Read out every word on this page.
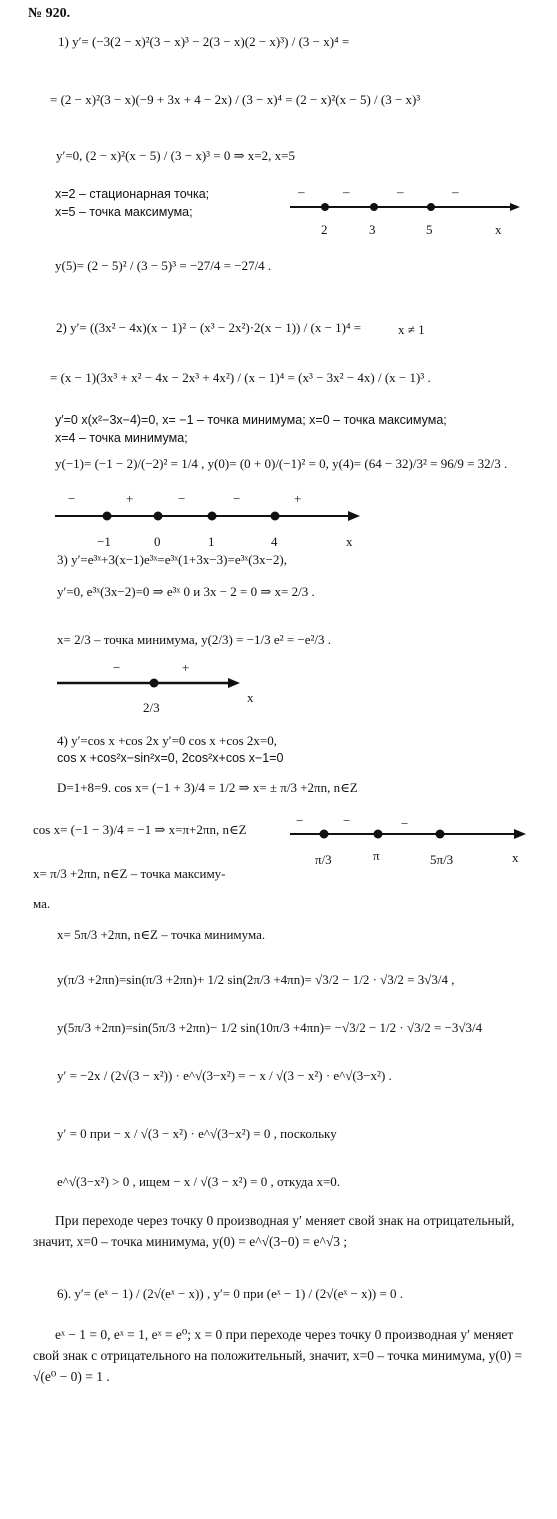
№ 920.
1) y′= (−3(2 − x)²(3 − x)³ − 2(3 − x)(2 − x)³) / (3 − x)⁴ =
= (2 − x)²(3 − x)(−9 + 3x + 4 − 2x) / (3 − x)⁴ = (2 − x)²(x − 5) / (3 − x)³
y′=0, (2 − x)²(x − 5) / (3 − x)³ = 0 ⇒ x=2, x=5
x=2 – стационарная точка;
x=5 – точка максимума;
–	–	–	–
2	3	5	x
y(5)= (2 − 5)² / (3 − 5)³ = −27/4 = −27/4 .
2) y′= ((3x² − 4x)(x − 1)² − (x³ − 2x²)·2(x − 1)) / (x − 1)⁴ =	x ≠ 1
= (x − 1)(3x³ + x² − 4x − 2x³ + 4x²) / (x − 1)⁴ = (x³ − 3x² − 4x) / (x − 1)³ .
y′=0 x(x²−3x−4)=0, x= −1 – точка минимума; x=0 – точка максимума;
x=4 – точка минимума;
y(−1)= (−1 − 2)/(−2)² = 1/4 , y(0)= (0 + 0)/(−1)² = 0, y(4)= (64 − 32)/3² = 96/9 = 32/3 .
−	+	−	−	+
−1	0	1	4	x
3) y′=e³ˣ+3(x−1)e³ˣ=e³ˣ(1+3x−3)=e³ˣ(3x−2),
y′=0, e³ˣ(3x−2)=0 ⇒ e³ˣ 0 и 3x − 2 = 0 ⇒ x= 2/3 .
x= 2/3 – точка минимума, y(2/3) = −1/3 e² = −e²/3 .
−	+
2/3
x
4) y′=cos x +cos 2x y′=0 cos x +cos 2x=0,
cos x +cos²x−sin²x=0, 2cos²x+cos x−1=0
D=1+8=9. cos x= (−1 + 3)/4 = 1/2 ⇒ x= ± π/3 +2πn, n∈Z
cos x= (−1 − 3)/4 = −1 ⇒ x=π+2πn, n∈Z
−	−	−
π/3	π	5π/3	x
x= π/3 +2πn, n∈Z – точка максиму-
ма.
x= 5π/3 +2πn, n∈Z – точка минимума.
y(π/3 +2πn)=sin(π/3 +2πn)+ 1/2 sin(2π/3 +4πn)= √3/2 − 1/2 · √3/2 = 3√3/4 ,
y(5π/3 +2πn)=sin(5π/3 +2πn)− 1/2 sin(10π/3 +4πn)= −√3/2 − 1/2 · √3/2 = −3√3/4
y′ = −2x / (2√(3 − x²)) · e^√(3−x²) = − x / √(3 − x²) · e^√(3−x²) .
y′ = 0 при − x / √(3 − x²) · e^√(3−x²) = 0 , поскольку
e^√(3−x²) > 0 , ищем − x / √(3 − x²) = 0 , откуда x=0.
При переходе через точку 0 производная y′ меняет свой знак на отрицательный, значит, x=0 – точка минимума, y(0) = e^√(3−0) = e^√3 ;
6). y′= (eˣ − 1) / (2√(eˣ − x)) , y′= 0 при (eˣ − 1) / (2√(eˣ − x)) = 0 .
eˣ − 1 = 0, eˣ = 1, eˣ = e⁰; x = 0 при переходе через точку 0 производная y′ меняет свой знак с отрицательного на положительный, значит, x=0 – точка минимума, y(0) = √(e⁰ − 0) = 1 .
